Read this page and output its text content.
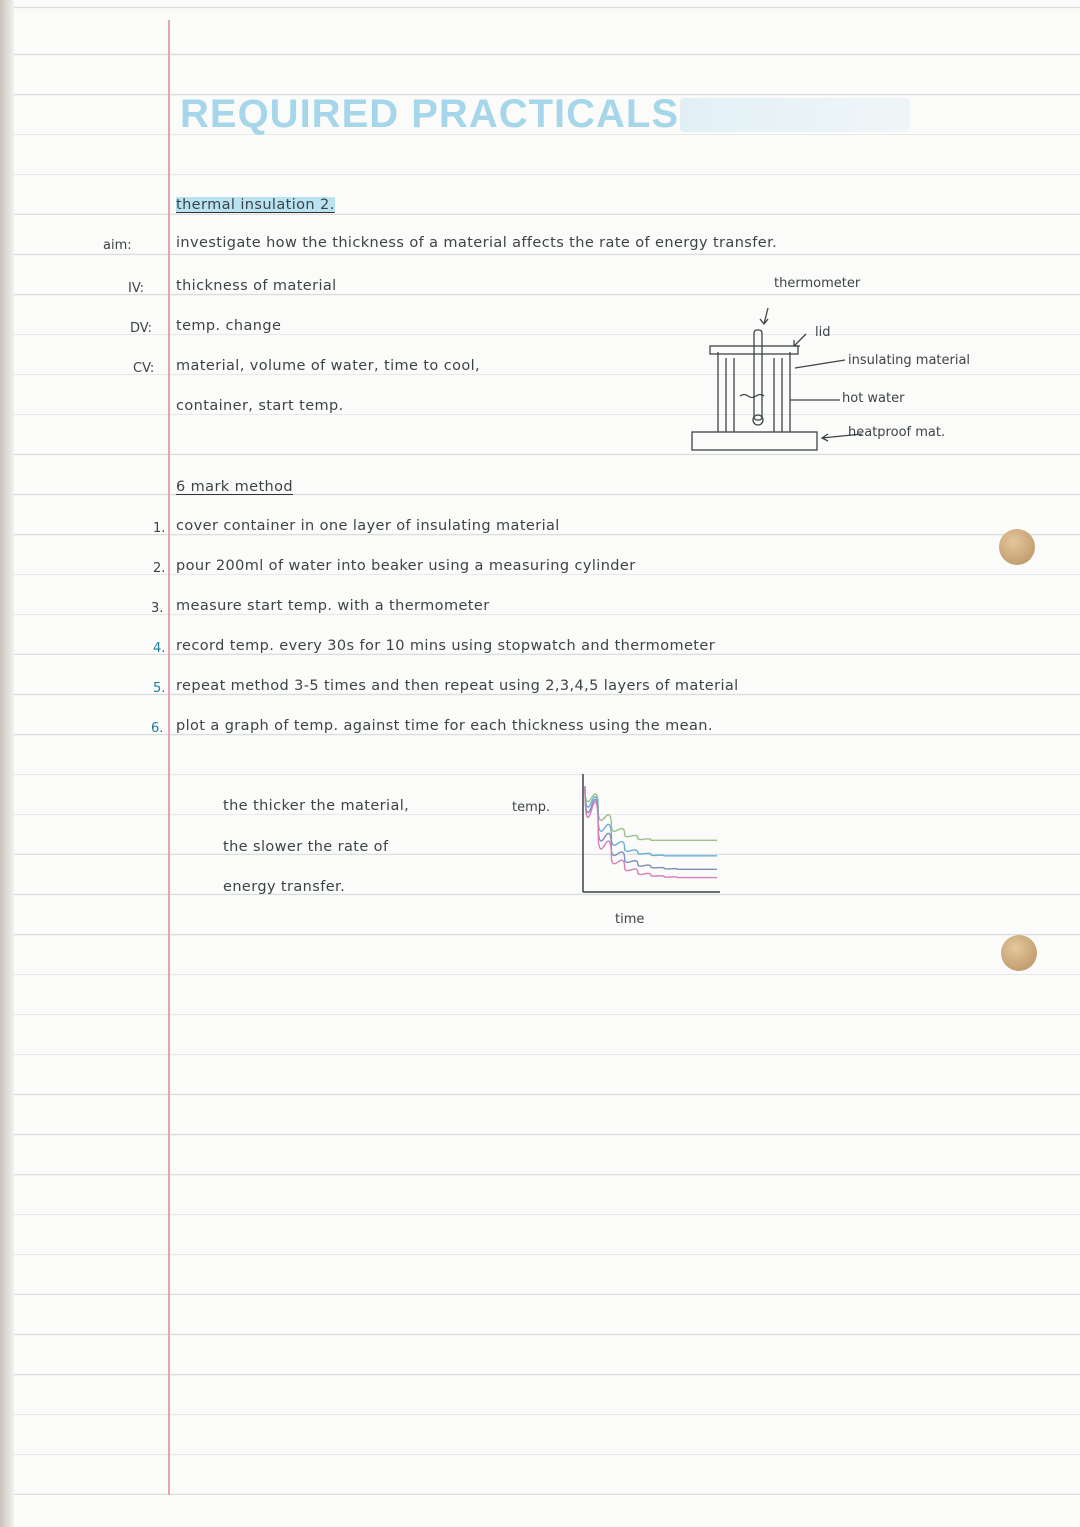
REQUIRED PRACTICALS
thermal insulation 2.
aim:	investigate how the thickness of a material affects the rate of energy transfer.
IV: thickness of material
DV: temp. change
CV: material, volume of water, time to cool,
container, start temp.
thermometer
lid
insulating material
hot water
heatproof mat.
6 mark method
1. cover container in one layer of insulating material
2. pour 200ml of water into beaker using a measuring cylinder
3. measure start temp. with a thermometer
4. record temp. every 30s for 10 mins using stopwatch and thermometer
5. repeat method 3-5 times and then repeat using 2,3,4,5 layers of material
6. plot a graph of temp. against time for each thickness using the mean.
the thicker the material,
the slower the rate of
energy transfer.
temp.
time
